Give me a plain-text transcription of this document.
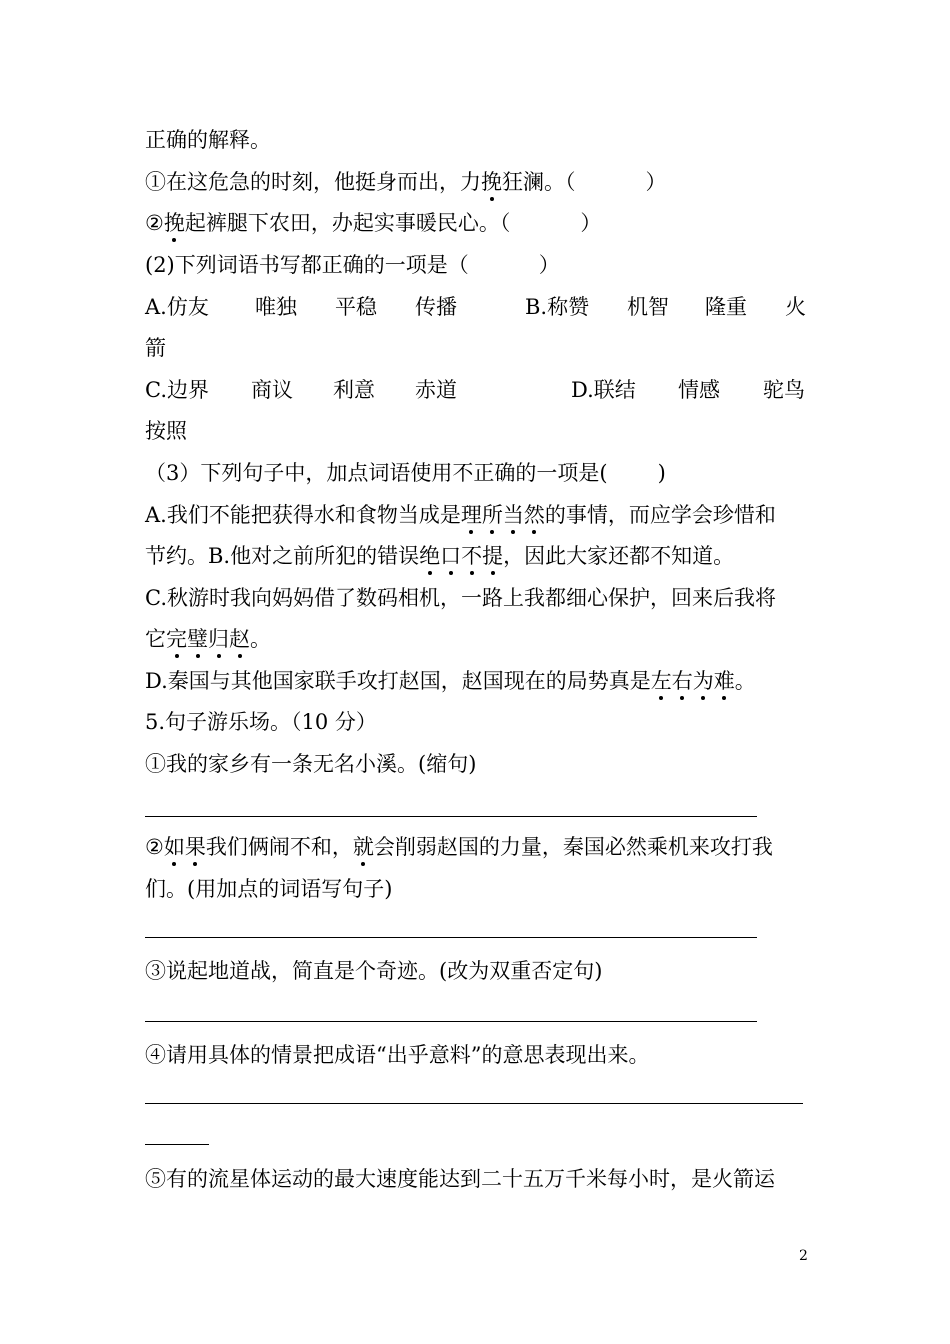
正确的解释。
①在这危急的时刻，他挺身而出，力挽狂澜。（	）
②挽起裤腿下农田，办起实事暖民心。（	）
(2)下列词语书写都正确的一项是（	）
A.仿友 唯独 平稳 传播	B.称赞 机智 隆重 火
箭
C.边界 商议 利意 赤道	D.联结 情感 驼鸟
按照
（3）下列句子中，加点词语使用不正确的一项是( )
A.我们不能把获得水和食物当成是理所当然的事情，而应学会珍惜和
节约。B.他对之前所犯的错误绝口不提，因此大家还都不知道。
C.秋游时我向妈妈借了数码相机，一路上我都细心保护，回来后我将
它完璧归赵。
D.秦国与其他国家联手攻打赵国，赵国现在的局势真是左右为难。
5.句子游乐场。（10 分）
①我的家乡有一条无名小溪。(缩句)
②如果我们俩闹不和，就会削弱赵国的力量，秦国必然乘机来攻打我
们。(用加点的词语写句子)
③说起地道战，简直是个奇迹。(改为双重否定句)
④请用具体的情景把成语“出乎意料”的意思表现出来。
⑤有的流星体运动的最大速度能达到二十五万千米每小时，是火箭运
2
